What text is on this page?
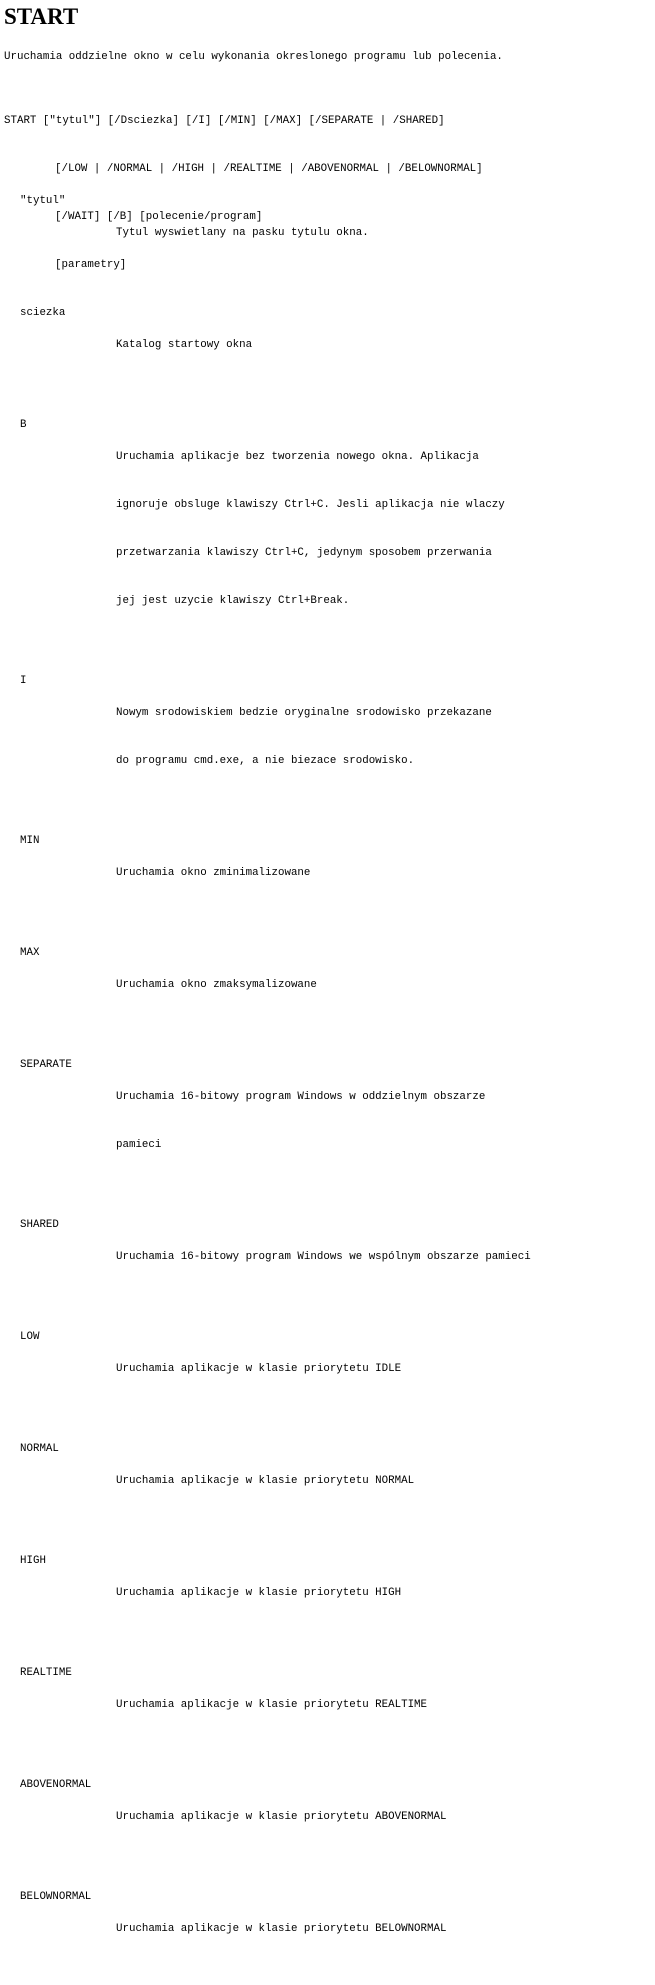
START
Uruchamia oddzielne okno w celu wykonania okreslonego programu lub polecenia.

START ["tytul"] [/Dsciezka] [/I] [/MIN] [/MAX] [/SEPARATE | /SHARED]

[/LOW | /NORMAL | /HIGH | /REALTIME | /ABOVENORMAL | /BELOWNORMAL]

[/WAIT] [/B] [polecenie/program]

[parametry]

"tytul"

Tytul wyswietlany na pasku tytulu okna.

sciezka

Katalog startowy okna

B

Uruchamia aplikacje bez tworzenia nowego okna. Aplikacja

ignoruje obsluge klawiszy Ctrl+C. Jesli aplikacja nie wlaczy

przetwarzania klawiszy Ctrl+C, jedynym sposobem przerwania

jej jest uzycie klawiszy Ctrl+Break.

I

Nowym srodowiskiem bedzie oryginalne srodowisko przekazane

do programu cmd.exe, a nie biezace srodowisko.

MIN

Uruchamia okno zminimalizowane

MAX

Uruchamia okno zmaksymalizowane

SEPARATE

Uruchamia 16-bitowy program Windows w oddzielnym obszarze

pamieci

SHARED

Uruchamia 16-bitowy program Windows we wspólnym obszarze pamieci

LOW

Uruchamia aplikacje w klasie priorytetu IDLE

NORMAL

Uruchamia aplikacje w klasie priorytetu NORMAL

HIGH

Uruchamia aplikacje w klasie priorytetu HIGH

REALTIME

Uruchamia aplikacje w klasie priorytetu REALTIME

ABOVENORMAL

Uruchamia aplikacje w klasie priorytetu ABOVENORMAL

BELOWNORMAL

Uruchamia aplikacje w klasie priorytetu BELOWNORMAL
